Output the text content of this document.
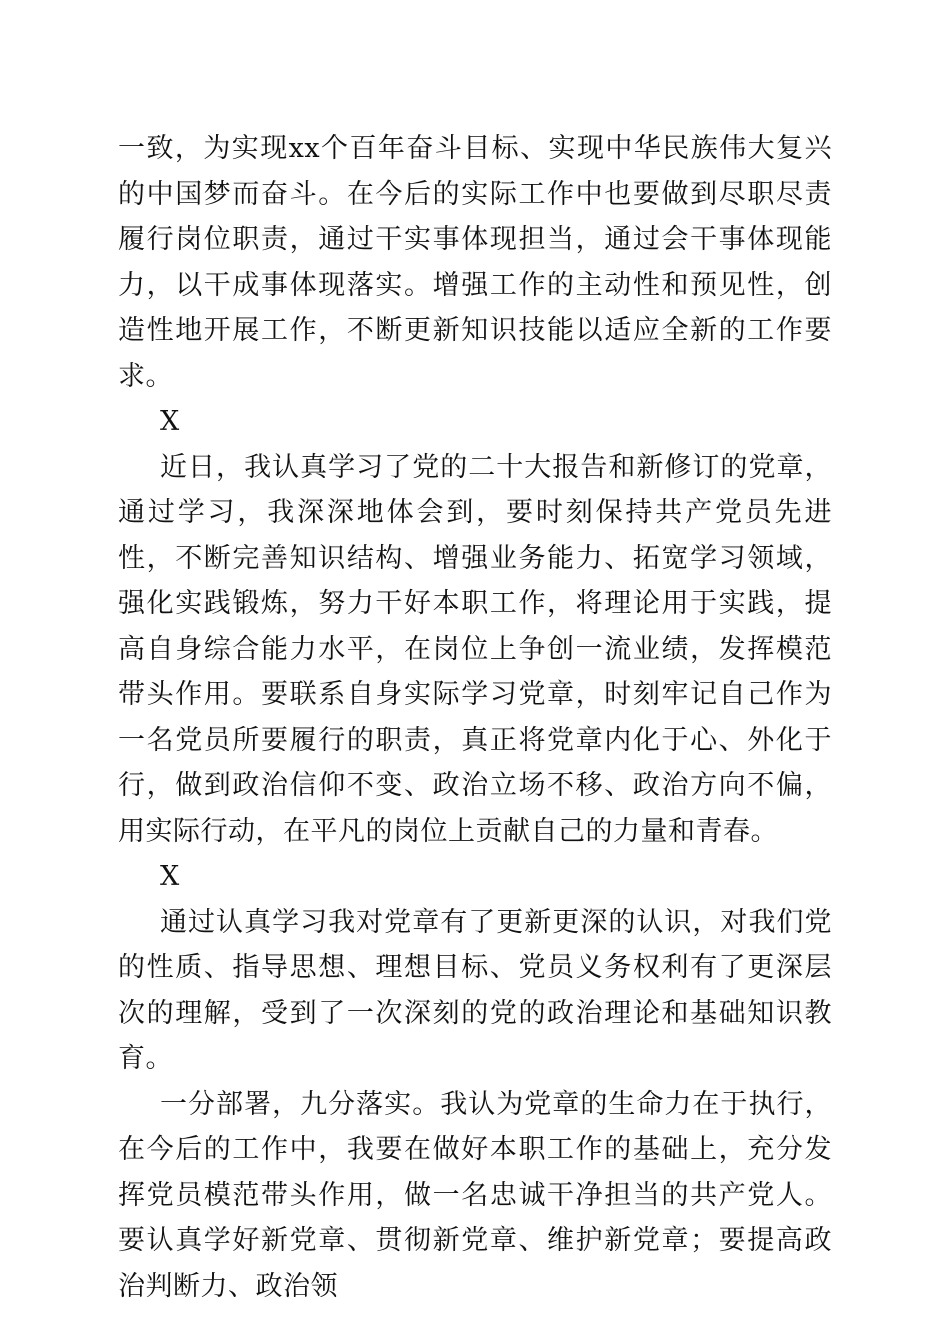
一致，为实现xx个百年奋斗目标、实现中华民族伟大复兴的中国梦而奋斗。在今后的实际工作中也要做到尽职尽责履行岗位职责，通过干实事体现担当，通过会干事体现能力，以干成事体现落实。增强工作的主动性和预见性，创造性地开展工作，不断更新知识技能以适应全新的工作要求。

X

近日，我认真学习了党的二十大报告和新修订的党章，通过学习，我深深地体会到，要时刻保持共产党员先进性，不断完善知识结构、增强业务能力、拓宽学习领域，强化实践锻炼，努力干好本职工作，将理论用于实践，提高自身综合能力水平，在岗位上争创一流业绩，发挥模范带头作用。要联系自身实际学习党章，时刻牢记自己作为一名党员所要履行的职责，真正将党章内化于心、外化于行，做到政治信仰不变、政治立场不移、政治方向不偏，用实际行动，在平凡的岗位上贡献自己的力量和青春。

X

通过认真学习我对党章有了更新更深的认识，对我们党的性质、指导思想、理想目标、党员义务权利有了更深层次的理解，受到了一次深刻的党的政治理论和基础知识教育。

一分部署，九分落实。我认为党章的生命力在于执行，在今后的工作中，我要在做好本职工作的基础上，充分发挥党员模范带头作用，做一名忠诚干净担当的共产党人。要认真学好新党章、贯彻新党章、维护新党章；要提高政治判断力、政治领
